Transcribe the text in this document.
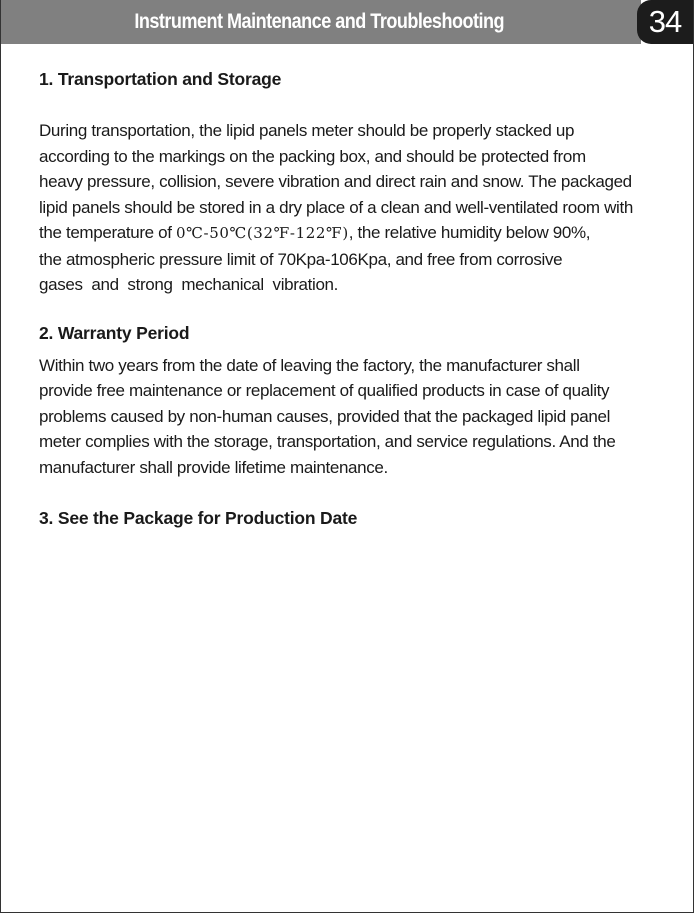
Instrument Maintenance and Troubleshooting	34
1. Transportation and Storage

During transportation, the lipid panels meter should be properly stacked up
according to the markings on the packing box, and should be protected from
heavy pressure, collision, severe vibration and direct rain and snow. The packaged
lipid panels should be stored in a dry place of a clean and well-ventilated room with
the temperature of 0℃-50℃(32℉-122℉), the relative humidity below 90%,
the atmospheric pressure limit of 70Kpa-106Kpa, and free from corrosive
gases  and  strong  mechanical  vibration.

2. Warranty Period

Within two years from the date of leaving the factory, the manufacturer shall
provide free maintenance or replacement of qualified products in case of quality
problems caused by non-human causes, provided that the packaged lipid panel
meter complies with the storage, transportation, and service regulations. And the
manufacturer shall provide lifetime maintenance.

3. See the Package for Production Date
